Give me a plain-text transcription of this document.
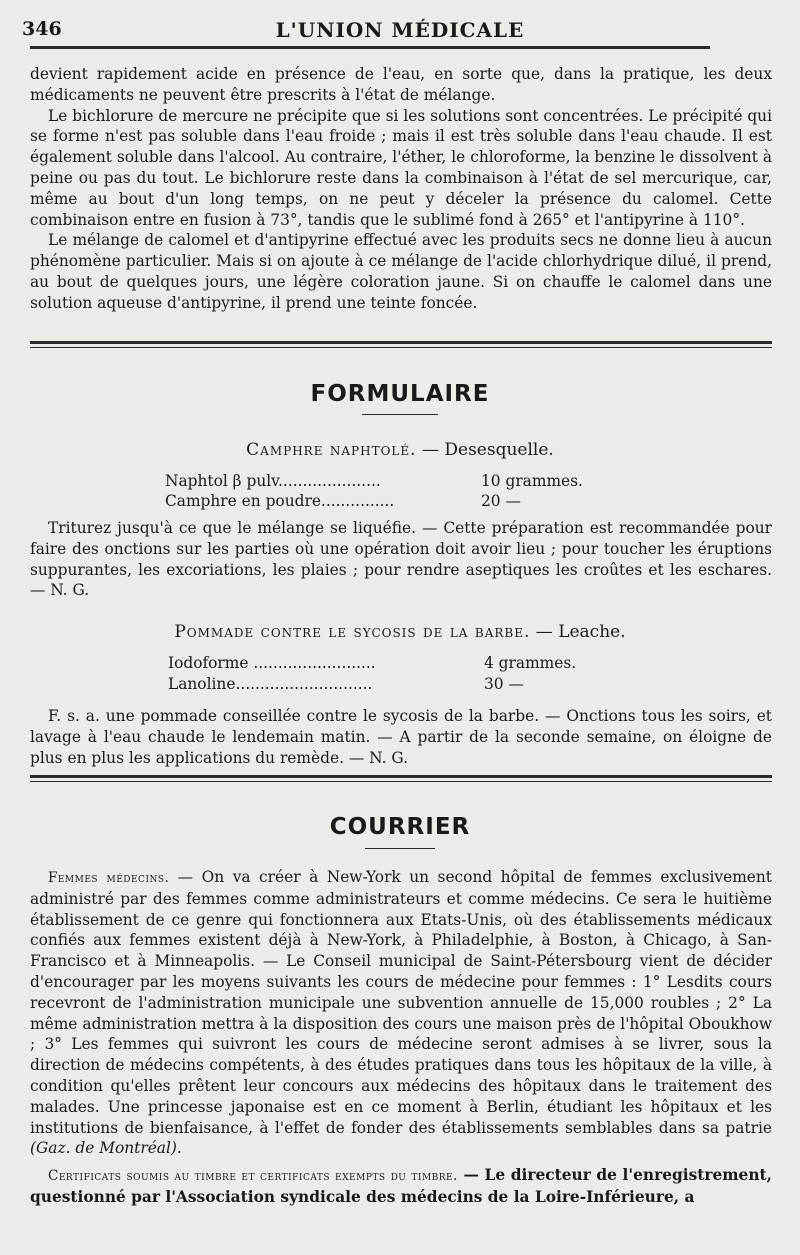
346	L'UNION MÉDICALE

devient rapidement acide en présence de l'eau, en sorte que, dans la pratique, les deux médicaments ne peuvent être prescrits à l'état de mélange.

Le bichlorure de mercure ne précipite que si les solutions sont concentrées. Le précipité qui se forme n'est pas soluble dans l'eau froide ; mais il est très soluble dans l'eau chaude. Il est également soluble dans l'alcool. Au contraire, l'éther, le chloroforme, la benzine le dissolvent à peine ou pas du tout. Le bichlorure reste dans la combinaison à l'état de sel mercurique, car, même au bout d'un long temps, on ne peut y déceler la présence du calomel. Cette combinaison entre en fusion à 73°, tandis que le sublimé fond à 265° et l'antipyrine à 110°.

Le mélange de calomel et d'antipyrine effectué avec les produits secs ne donne lieu à aucun phénomène particulier. Mais si on ajoute à ce mélange de l'acide chlorhydrique dilué, il prend, au bout de quelques jours, une légère coloration jaune. Si on chauffe le calomel dans une solution aqueuse d'antipyrine, il prend une teinte foncée.

FORMULAIRE
Camphre naphtolé. — Desesquelle.
Naphtol β pulv.....................	10 grammes.
Camphre en poudre...............	20 —

Triturez jusqu'à ce que le mélange se liquéfie. — Cette préparation est recommandée pour faire des onctions sur les parties où une opération doit avoir lieu ; pour toucher les éruptions suppurantes, les excoriations, les plaies ; pour rendre aseptiques les croûtes et les eschares. — N. G.

Pommade contre le sycosis de la barbe. — Leache.
Iodoforme .........................	4 grammes.
Lanoline............................	30 —

F. s. a. une pommade conseillée contre le sycosis de la barbe. — Onctions tous les soirs, et lavage à l'eau chaude le lendemain matin. — A partir de la seconde semaine, on éloigne de plus en plus les applications du remède. — N. G.

COURRIER

Femmes médecins. — On va créer à New-York un second hôpital de femmes exclusivement administré par des femmes comme administrateurs et comme médecins. Ce sera le huitième établissement de ce genre qui fonctionnera aux Etats-Unis, où des établissements médicaux confiés aux femmes existent déjà à New-York, à Philadelphie, à Boston, à Chicago, à San-Francisco et à Minneapolis. — Le Conseil municipal de Saint-Pétersbourg vient de décider d'encourager par les moyens suivants les cours de médecine pour femmes : 1° Lesdits cours recevront de l'administration municipale une subvention annuelle de 15,000 roubles ; 2° La même administration mettra à la disposition des cours une maison près de l'hôpital Oboukhow ; 3° Les femmes qui suivront les cours de médecine seront admises à se livrer, sous la direction de médecins compétents, à des études pratiques dans tous les hôpitaux de la ville, à condition qu'elles prêtent leur concours aux médecins des hôpitaux dans le traitement des malades. Une princesse japonaise est en ce moment à Berlin, étudiant les hôpitaux et les institutions de bienfaisance, à l'effet de fonder des établissements semblables dans sa patrie (Gaz. de Montréal).

Certificats soumis au timbre et certificats exempts du timbre. — Le directeur de l'enregistrement, questionné par l'Association syndicale des médecins de la Loire-Inférieure, a
